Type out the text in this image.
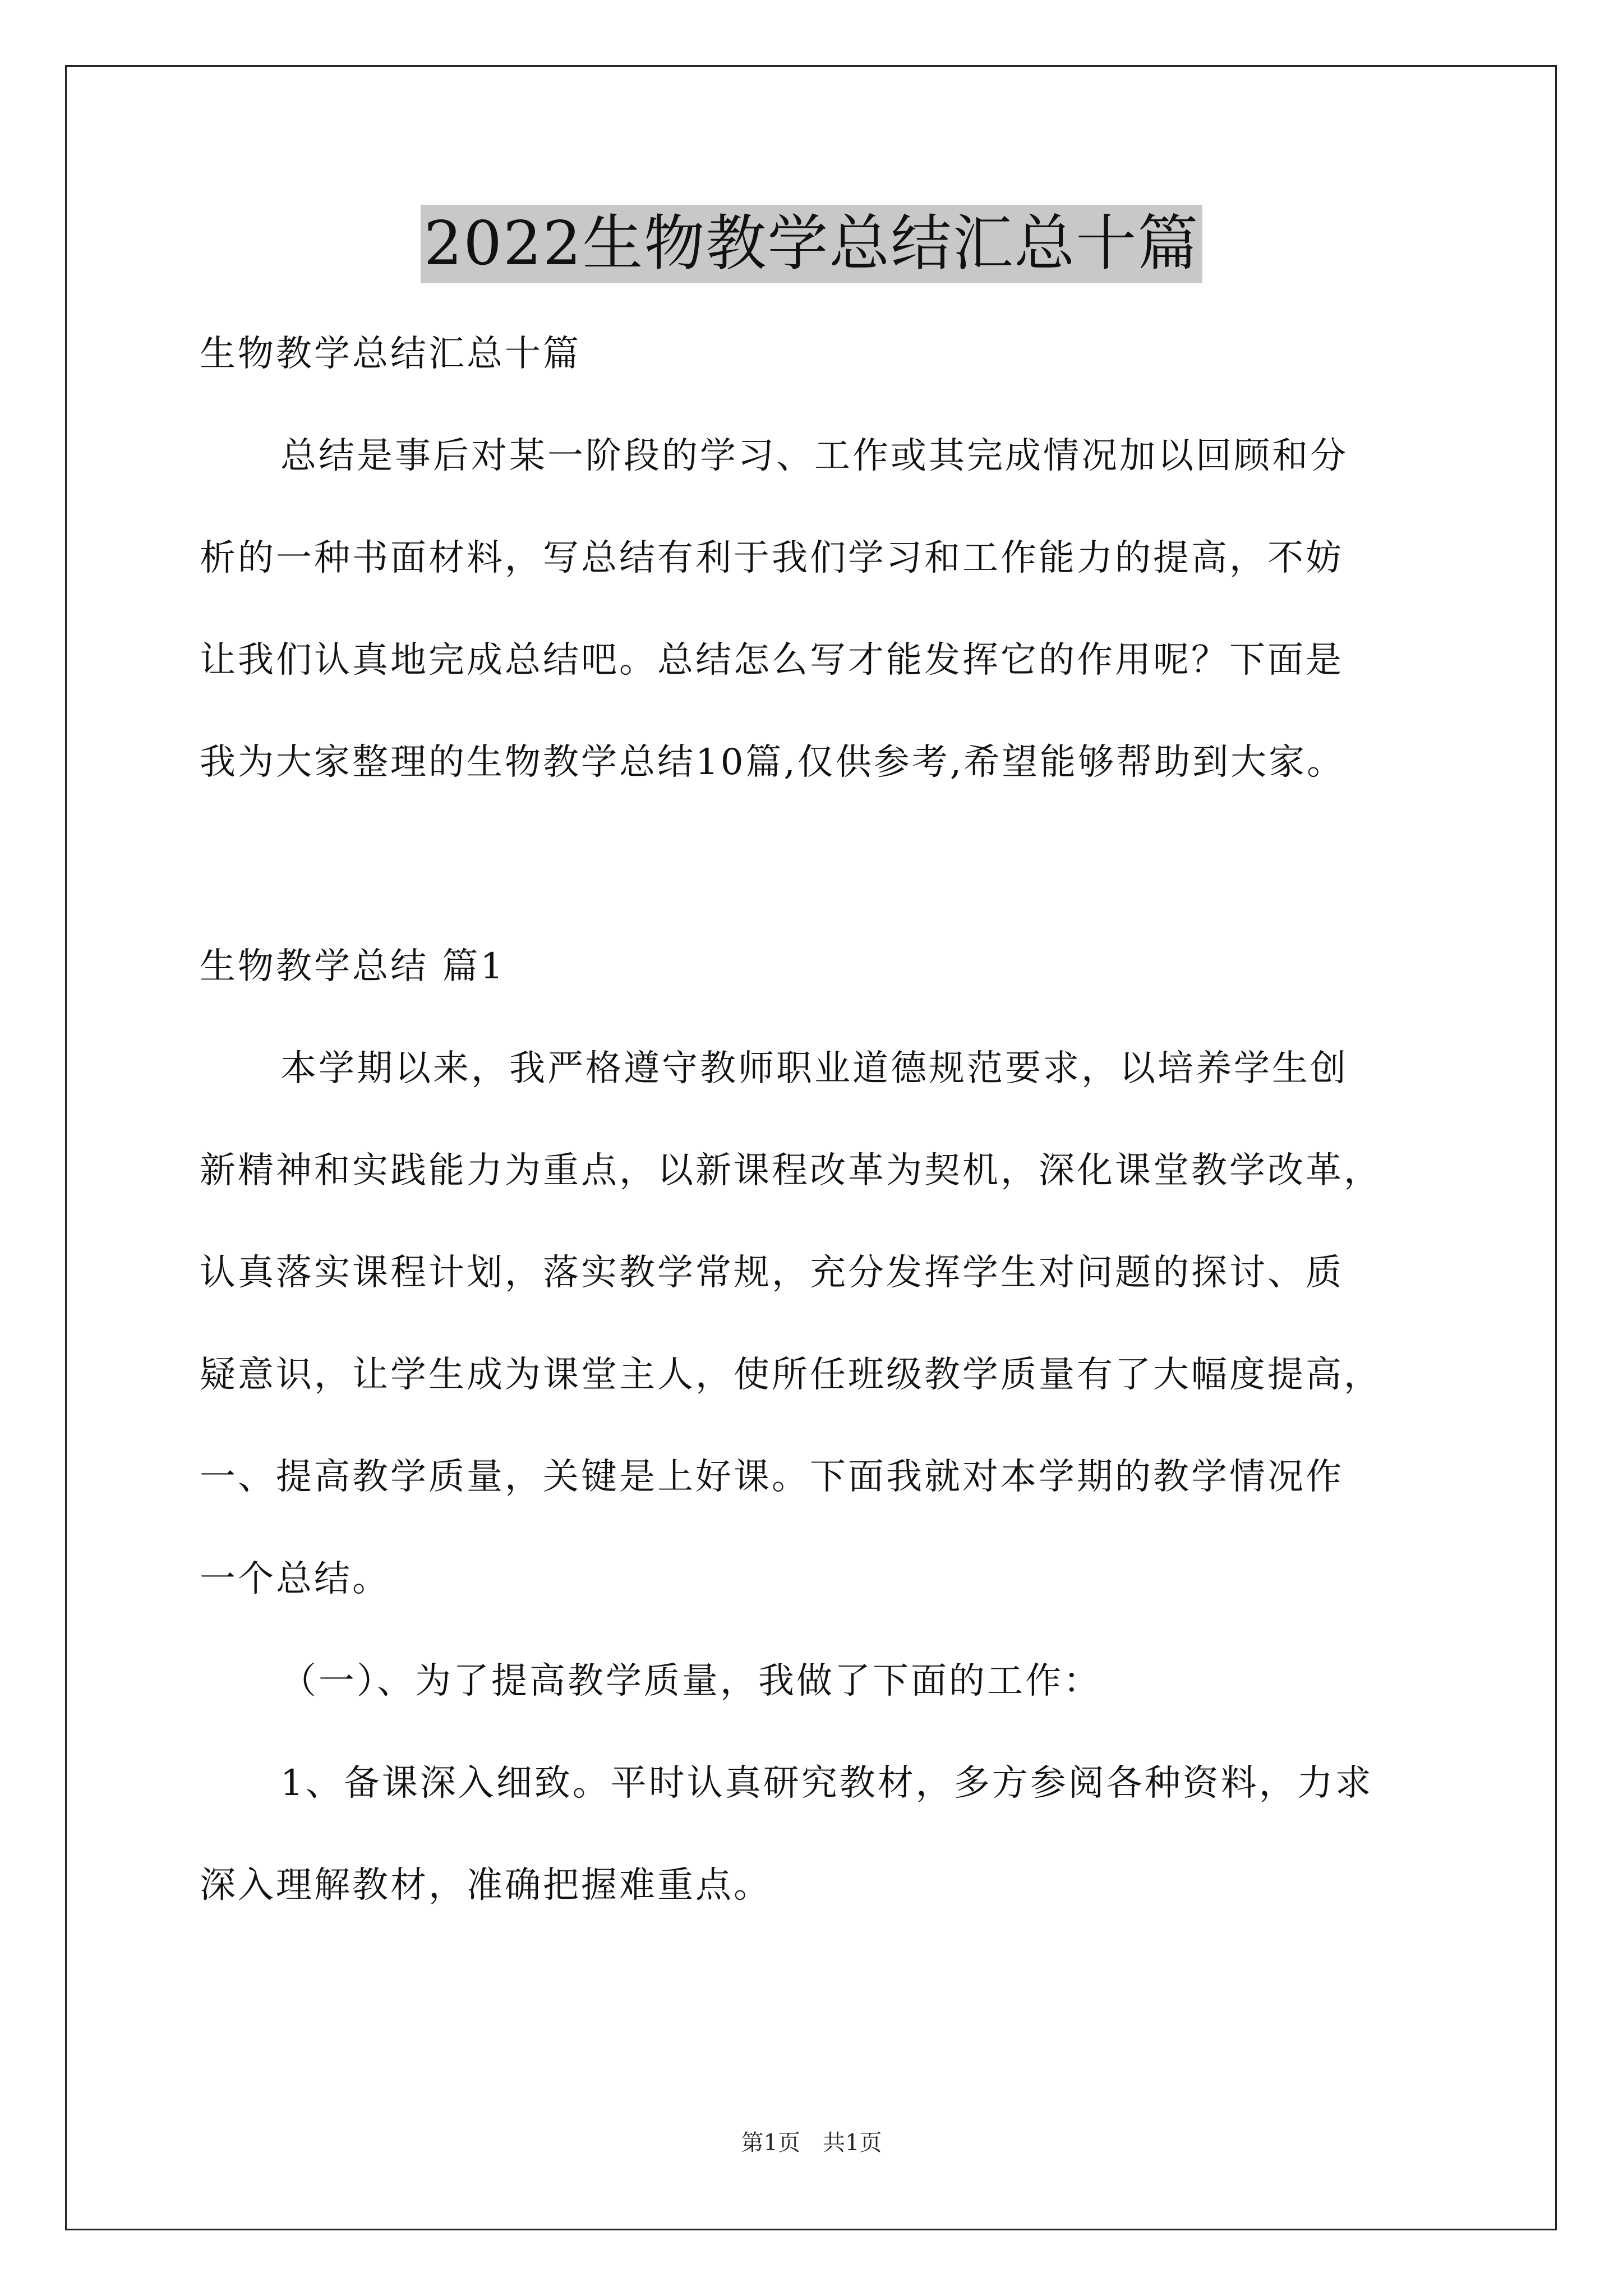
2022生物教学总结汇总十篇
生物教学总结汇总十篇
总结是事后对某一阶段的学习、工作或其完成情况加以回顾和分
析的一种书面材料，写总结有利于我们学习和工作能力的提高，不妨
让我们认真地完成总结吧。总结怎么写才能发挥它的作用呢？下面是
我为大家整理的生物教学总结10篇,仅供参考,希望能够帮助到大家。
生物教学总结 篇1
本学期以来，我严格遵守教师职业道德规范要求，以培养学生创
新精神和实践能力为重点，以新课程改革为契机，深化课堂教学改革，
认真落实课程计划，落实教学常规，充分发挥学生对问题的探讨、质
疑意识，让学生成为课堂主人，使所任班级教学质量有了大幅度提高，
一、提高教学质量，关键是上好课。下面我就对本学期的教学情况作
一个总结。
（一）、为了提高教学质量，我做了下面的工作：
1、备课深入细致。平时认真研究教材，多方参阅各种资料，力求
深入理解教材，准确把握难重点。
第1页 共1页
